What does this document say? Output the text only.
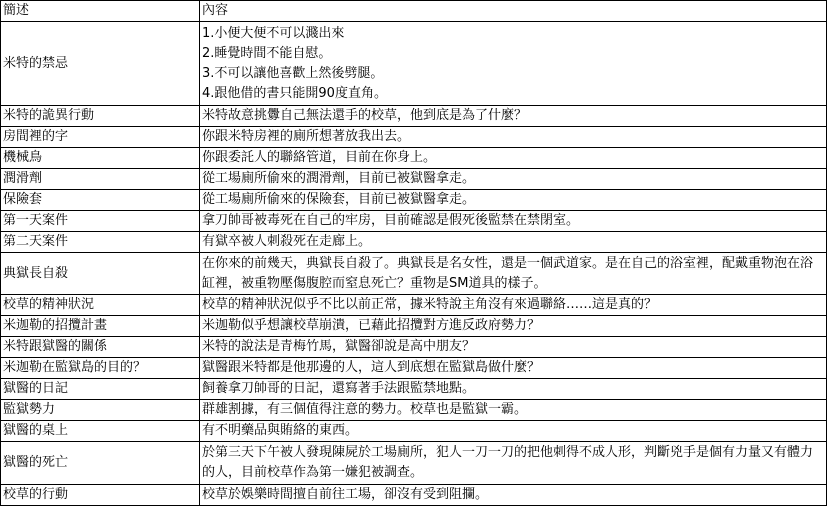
簡述	內容
米特的禁忌	1.小便大便不可以濺出來
2.睡覺時間不能自慰。
3.不可以讓他喜歡上然後劈腿。
4.跟他借的書只能開90度直角。

米特的詭異行動	米特故意挑釁自己無法還手的校草，他到底是為了什麼？
房間裡的字	你跟米特房裡的廁所想著放我出去。
機械鳥	你跟委託人的聯絡管道，目前在你身上。
潤滑劑	從工場廁所偷來的潤滑劑，目前已被獄醫拿走。
保險套	從工場廁所偷來的保險套，目前已被獄醫拿走。
第一天案件	拿刀帥哥被毒死在自己的牢房，目前確認是假死後監禁在禁閉室。
第二天案件	有獄卒被人刺殺死在走廊上。
典獄長自殺	在你來的前幾天，典獄長自殺了。典獄長是名女性，還是一個武道家。是在自己的浴室裡，配戴重物泡在浴缸裡，被重物壓傷腹腔而窒息死亡？重物是SM道具的樣子。
校草的精神狀況	校草的精神狀況似乎不比以前正常，據米特說主角沒有來過聯絡……這是真的？
米迦勒的招攬計畫	米迦勒似乎想讓校草崩潰，已藉此招攬對方進反政府勢力？
米特跟獄醫的關係	米特的說法是青梅竹馬，獄醫卻說是高中朋友？
米迦勒在監獄島的目的？	獄醫跟米特都是他那邊的人，這人到底想在監獄島做什麼？
獄醫的日記	飼養拿刀帥哥的日記，還寫著手法跟監禁地點。
監獄勢力	群雄割據，有三個值得注意的勢力。校草也是監獄一霸。
獄醫的桌上	有不明藥品與賄絡的東西。
獄醫的死亡	於第三天下午被人發現陳屍於工場廁所，犯人一刀一刀的把他刺得不成人形，判斷兇手是個有力量又有體力的人，目前校草作為第一嫌犯被調查。
校草的行動	校草於娛樂時間擅自前往工場，卻沒有受到阻攔。
